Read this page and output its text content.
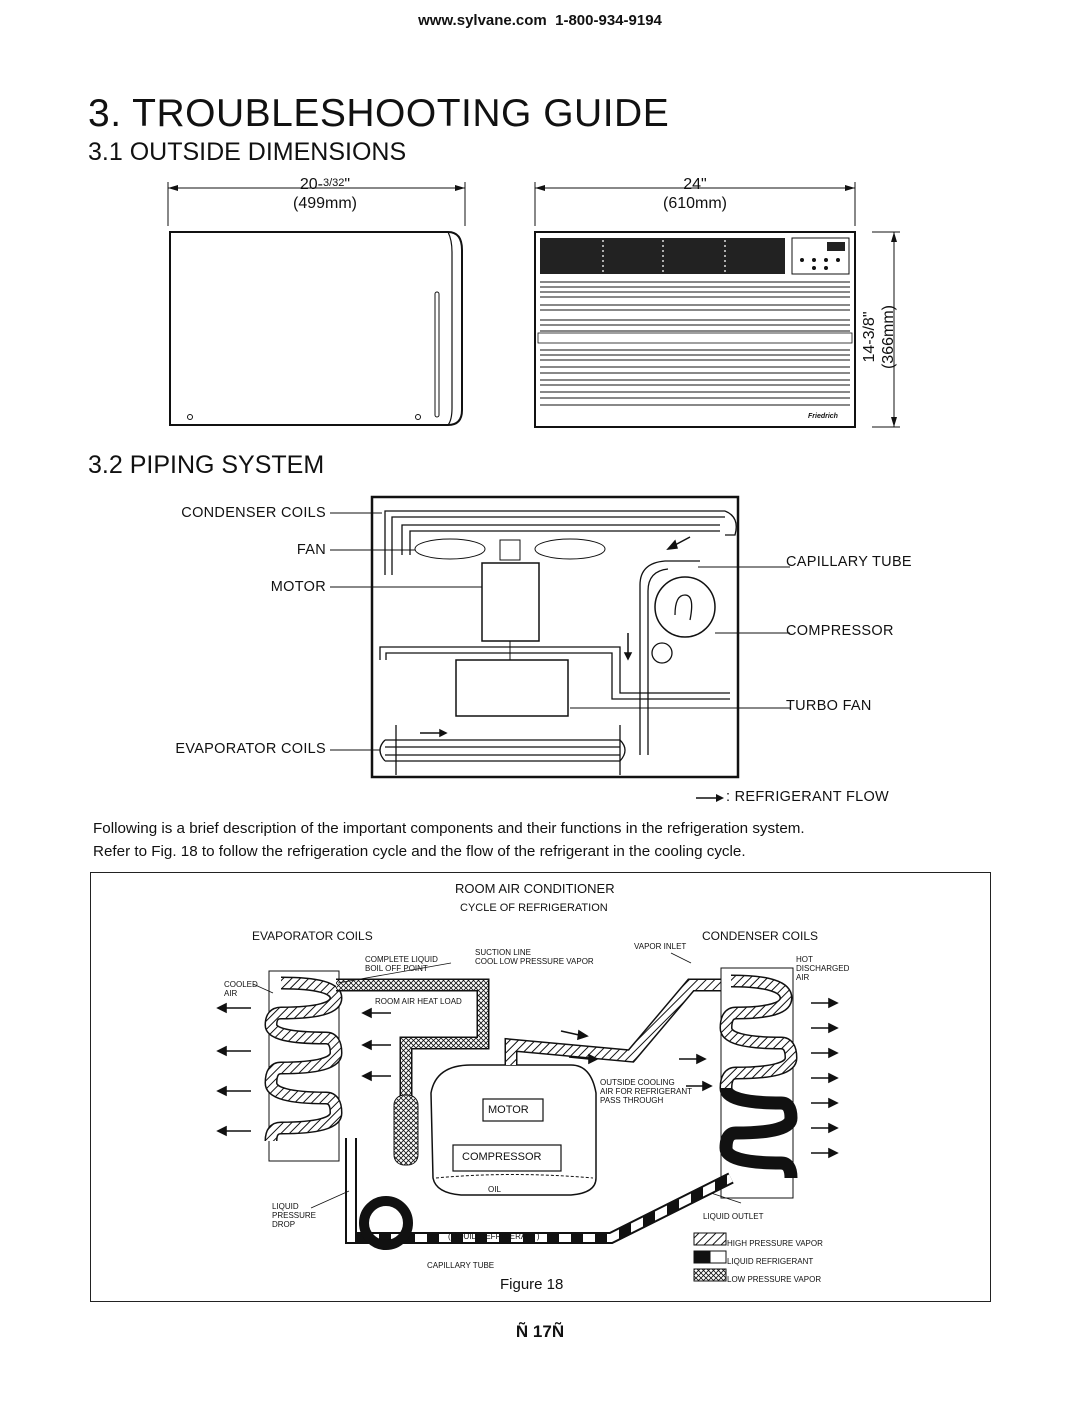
www.sylvane.com 1-800-934-9194
3. TROUBLESHOOTING GUIDE
3.1 OUTSIDE DIMENSIONS
20-3/32"
(499mm)
24"
(610mm)
14-3/8" (366mm)
Friedrich
3.2 PIPING SYSTEM
CONDENSER COILS
FAN
MOTOR
EVAPORATOR COILS
CAPILLARY TUBE
COMPRESSOR
TURBO FAN
: REFRIGERANT FLOW
Following is a brief description of the important components and their functions in the refrigeration system.
Refer to Fig. 18 to follow the refrigeration cycle and the flow of the refrigerant in the cooling cycle.
ROOM AIR CONDITIONER
CYCLE OF REFRIGERATION
EVAPORATOR COILS	CONDENSER COILS
COMPLETE LIQUID
BOIL OFF POINT
SUCTION LINE
COOL LOW PRESSURE VAPOR
VAPOR INLET
HOT
DISCHARGED
AIR
COOLED
AIR
ROOM AIR HEAT LOAD
MOTOR
COMPRESSOR
OIL
OUTSIDE COOLING
AIR FOR REFRIGERANT
PASS THROUGH
LIQUID
PRESSURE
DROP
(LIQUID REFRIGERANT)
CAPILLARY TUBE
LIQUID OUTLET
HIGH PRESSURE VAPOR
LIQUID REFRIGERANT
LOW PRESSURE VAPOR
Figure 18
Ñ 17Ñ
